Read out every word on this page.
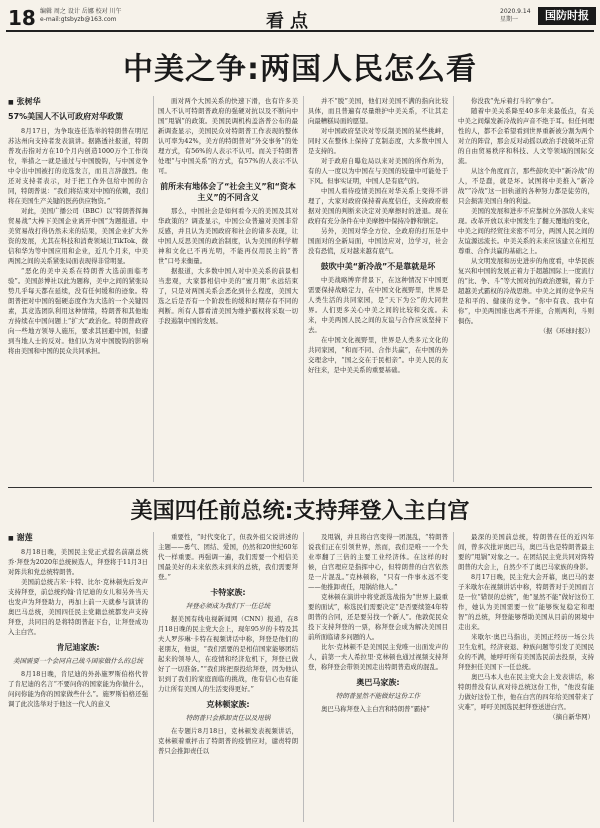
18 编辑 周之 设计 岳娜 校对 川午
e-mail:gtsbyzb@163.com	看点	2020.9.14
星期一	国防时报
中美之争:两国人民怎么看

■ 张树华

57%美国人不认可政府对华政策

8月17日，为争取连任选举的特朗普在明尼苏达州向支持者发表演讲。据路透社报道，特朗普攻击指对方在10个月内创造1000万个工作岗位，举措之一就是通过与中国脱钩，与中国竞争中令出中国被打的竞选发言，而且言辞激烈。他还对支持者表示，对于把工作外包给中国的合同，特朗普说：“我们将结束对中国的依赖，我们将在美国生产关键的医药供应物资。”

对此，美国广播公司（BBC）以“特朗普挥舞贸易战”大棒下美国企业离开中国”为题报道。中美贸易战打得仍然未来的结果，美国企业扩大外资的发展，尤其在科技和消费领域让TikTok、微信和华为等中国应用和企业，近几个月来，中美两国之间的关系紧张局面表现得非常明显。

“恶化的美中关系在特朗普大选前面临考验”。美国彭博社以此为题称，美中之间的紧张局势几乎每天都在延续，没有任何缓和的迹象。特朗普把对中国的强硬态度作为大选的一个关键因素，其竞选团队利用这种情绪，特朗普和其他地方持续在中国问题上“扩大”政治化。特朗普政府向一些地方领导人施压，要求其回避中国，但遭到当地人士的反对。他们认为对中国脱钩的影响将由美国和中国的民众共同承担。

面对两个大国关系的快速下滑，也有许多美国人不认可特朗普政府的强硬对抗以及不断向中国“甩锅”的政策。美国民调机构盖洛普公布的最新调查显示，美国民众对特朗普工作表现的整体认可率为42%，美方的特朗普对“外交事务”的处理方式，有56%的人表示不认可。而关于特朗普处理“与中国关系”的方式，有57%的人表示不认可。

前所未有地体会了“社会主义”和“资本主义”的不同含义

那么，中国社会是如何看今天的美国及其对华政策的？调查显示，中国公众普遍对美国非常反感，并且认为美国政府和社会的诸多表现，让中国人反思美国的政治制度，认为美国的科学精神和文化已不再光明，不能再仅用民主的“普世”口号来衡量。

据报道，大多数中国人对中美关系的前景相当悲观，大家都相信中美的“蜜月期”永远结束了，只是对两国关系会恶化到什么程度，美国大选之后是否有一个阶段性的缓和时期存有不同的判断。所有人都看清美国为维护霸权将采取一切手段遏制中国的发展。

并不“脱”美国，他们对美国不满的指向比较具体，而且普遍有尽量维护中美关系，不让其走向最糟糕局面的愿望。

对中国政府坚决对等反制美国的某些挑衅，同时又在整体上保持了克制态度，大多数中国人是支持的。

对于政府自曝危局以来对美国的所作所为，有的人一度以为中国在与美国的较量中可能处于下风。但事实证明，中国人是有底气的。

中国人看待疫情美国在对华关系上变得不讲理了，大家对政府保持着高度信任，支持政府根据对美国的判断来决定对美摩擦时的进退。现在政府有充分条件在中美摩擦中保持冷静和镇定。

另外，美国对华全方位、全政府的打压是中国面对的全新局面，中国边应对，边学习，社会没有恐慌，反对越来越有底气。

鼓吹中美“新冷战”不是靠就是坏

中美战略博弈背景下，在这种情况下中国更需要保持战略定力，在中国文化视野里，世界是人类生活的共同家园，是“天下为公”的大同世界。人们更多关心中美之间的比较和交流。未来，中美两国人民之间的友谊与合作应该坚持下去。

在中国文化视野里，世界是人类多元文化的共同家园，“和而不同、合作共赢”，在中国的外交理念中，“国之交在于民相亲”。中美人民的友好往来，是中美关系的重要基础。

你没我“先斥着打斗的”拳台”。

随着中美关系降至40多年来最低点，有关中美之间爆发新冷战的声音不绝于耳。但任何理性的人，都不会希望看到世界重新被分割为两个对立的阵营，那会反对动摇以政治手段破坏正常的自由贸易秩序和科技、人文等领域的国际交流。

从这个角度而言，那些鼓吹美中“新冷战”的人，不是蠢，就是坏。试图将中美推入“新冷战”“冷战”这一旧轨道的各种努力都是徒劳的，只会损害美国自身的利益。

美国的发展和进步不应靠树立外部敌人来实现。改革开放以来中国发生了翻天覆地的变化，中美之间的经贸往来密不可分，两国人民之间的友谊源远流长。中美关系的未来应该建立在相互尊重、合作共赢的基础之上。

从文明发展和历史进步的角度看，中华民族复兴和中国的发展正着力于超越国际上一度流行的“比、争、斗”等大国对抗的政治逻辑，着力于超越美式霸权的冷战思维。中美之间的竞争应当是和平的、健康的竞争。“你中有我、我中有你”，中美两国谁也离不开谁，合则两利，斗则俱伤。

（据《环球时报》）

美国四任前总统:支持拜登入主白宫

■ 谢莲

8月18日晚，美国民主党正式提名前副总统乔·拜登为2020年总统候选人，拜登将于11月3日对阵共和党总统特朗普。

美国前总统吉米·卡特、比尔·克林顿先后发声支持拜登，前总统约翰·肯尼迪的女儿和另外当天也发声为拜登助力，再加上前一天就参与演讲的奥巴马总统，美国四任民主党籍总统都发声支持拜登，共同目的是将特朗普赶下台，让拜登成功入主白宫。

肯尼迪家族:
美国需要一个会同自己战斗国家做什么的总统

8月18日晚，肯尼迪的外孙施罗斯伯格代替了肯尼迪的名言“不要问你的国家能为你做什么，问问你能为你的国家做些什么”。施罗斯伯格还强调了此次选举对于他这一代人的意义

重要性，“时代变化了，但我外祖父说讲述的主题——勇气、团结、爱国，仍然和20世纪60年代一样重要。再强调一遍，我们需要一个相信美国最美好的未来依然未到来的总统，我们需要拜登。”

卡特家族:
拜登必须成为我们下一任总统

据美国有线电视新闻网（CNN）报道，在8月18日晚的民主党大会上，现年95岁的卡特及其夫人罗莎琳·卡特在视频讲话中称，拜登是他们的老朋友，他说，“我们需要的是相信国家能够团结起来的领导人，在疫情和经济危机下，拜登已做好了一切准备。”“我们将把票投给拜登，因为他认识到了我们的家庭面临的挑战，他有信心也有能力让所有美国人的生活变得更好。”

克林顿家族:
特朗普只会推卸责任以及甩锅

在专题片8月18日，克林顿发表视频讲话，克林顿着重抨击了特朗普的疫情应对，谴责特朗普只会推卸责任以

及甩锅，并且将白宫变得一团混乱，“特朗普说我们正在引领世界，然而，我们是唯一一个失业率翻了三倍的主要工业经济体。在这样的时候，白宫理应是指挥中心，但特朗普的白宫依然是一片混乱。”克林顿称，“只有一件事永远不变——他推卸责任，甩锅给他人。”

克林顿在演讲中将党派选战指为“世界上最重要的面试”，称选民们需要决定“是否要续签4年特朗普的合同，还是要另找一个新人”。他敦促民众投下支持拜登的一票，称拜登会成为解决美国目前所面临诸多问题的人。

比尔·克林顿不是美国民主党唯一出面发声的人，前第一夫人希拉里·克林顿也通过视频支持拜登，称拜登会带领美国走出特朗普造成的混乱。

奥巴马家族:
特朗普显然不能做好这份工作

奥巴马称拜登入主白宫和特朗普“霸持”

最深的美国前总统，特朗普在任的近四年间，曾多次批评奥巴马，奥巴马也是特朗普最主要的“甩锅”对象之一。在团结民主党共同对阵特朗普的大会上，自然少不了奥巴马家族的身影。

8月17日晚，民主党大会开幕，奥巴马的妻子米歇尔在视频讲话中称，特朗普对于美国而言是一位“错误的总统”，他“显然不能”做好这份工作，她认为美国需要一位“能够恢复稳定和理智”的总统，拜登能够帮助美国从目前的困境中走出来。

米歇尔·奥巴马指出，美国正经历一场公共卫生危机，经济衰退、种族问题等引发了美国民众的不满，她呼吁所有美国选民前去投票，支持拜登担任美国下一任总统。

奥巴马本人也在民主党大会上发表讲话，称特朗普没有认真对待总统这份工作，“他没有能力做好这份工作，他在白宫的四年给美国带来了灾难”，呼吁美国选民把拜登送进白宫。

（摘自新华网）
